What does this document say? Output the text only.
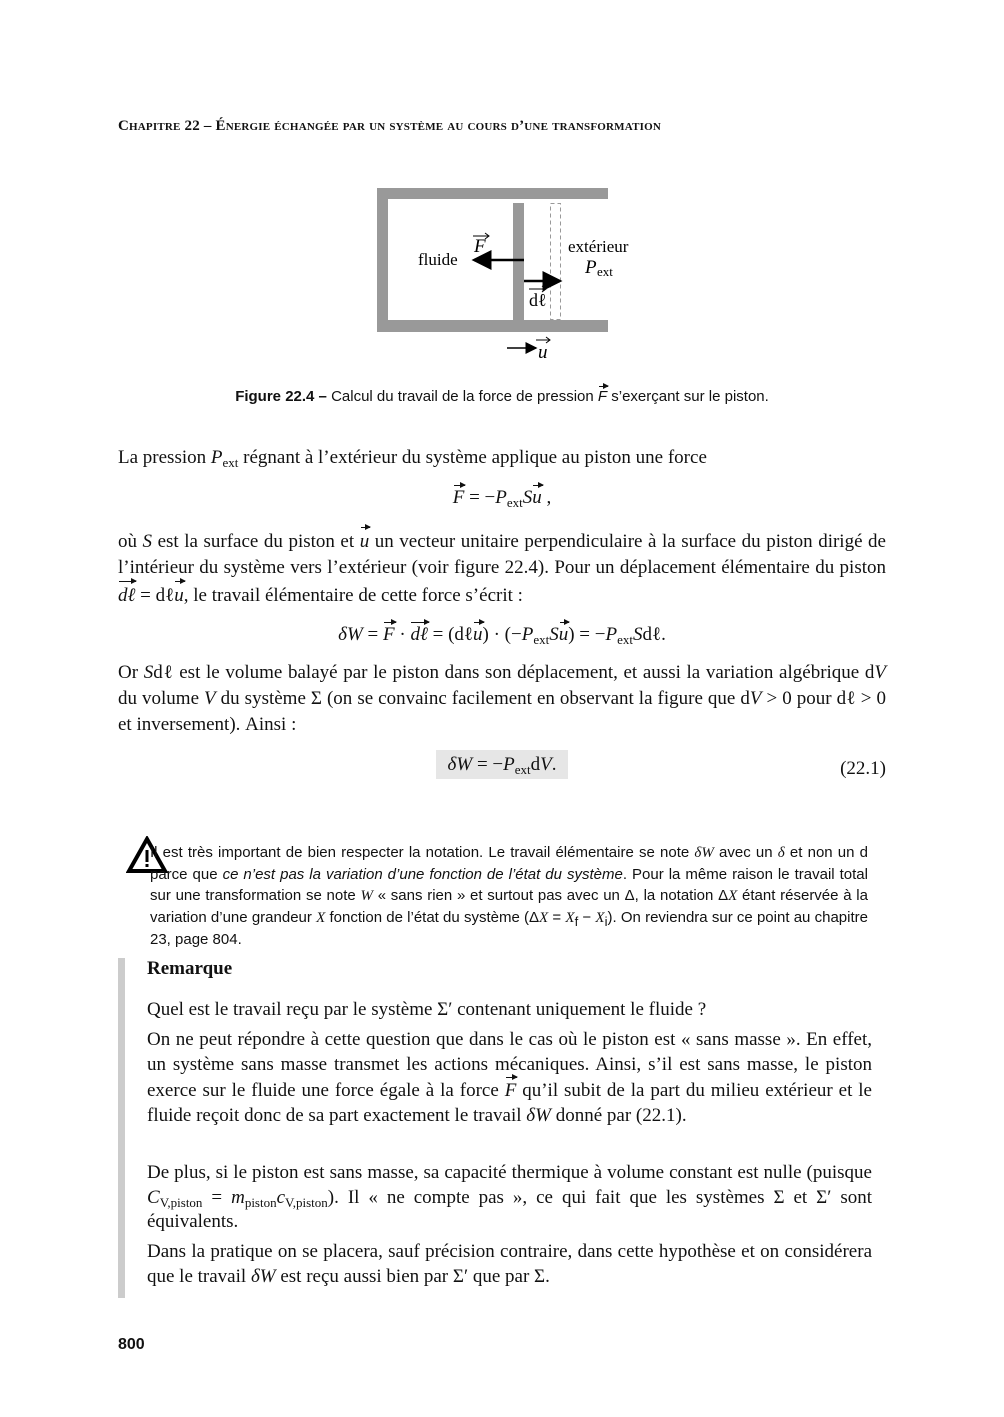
Chapitre 22 – Énergie échangée par un système au cours d’une transformation
fluide
F	extérieur
P ext
dℓ
u
Figure 22.4 – Calcul du travail de la force de pression F s’exerçant sur le piston.
La pression $P_{ext}$ régnant à l’extérieur du système applique au piston une force
$F = -P_{ext}Su$ ,
où S est la surface du piston et u un vecteur unitaire perpendiculaire à la surface du piston dirigé de l’intérieur du système vers l’extérieur (voir figure 22.4). Pour un déplacement élémentaire du piston dℓ = dℓu, le travail élémentaire de cette force s’écrit :
δW = F · dℓ = (dℓu) · $(-P_{ext}Su)$ = $-P_{ext}Sd\ell$.
Or Sdℓ est le volume balayé par le piston dans son déplacement, et aussi la variation algébrique dV du volume V du système Σ (on se convainc facilement en observant la figure que dV > 0 pour dℓ > 0 et inversement). Ainsi :
$\delta W = -P_{ext}dV$.	(22.1)
Il est très important de bien respecter la notation. Le travail élémentaire se note δW avec un δ et non un d parce que ce n’est pas la variation d’une fonction de l’état du système. Pour la même raison le travail total sur une transformation se note W « sans rien » et surtout pas avec un Δ, la notation ΔX étant réservée à la variation d’une grandeur X fonction de l’état du système $(\Delta X = X_f - X_i)$. On reviendra sur ce point au chapitre 23, page 804.
Remarque
Quel est le travail reçu par le système Σ′ contenant uniquement le fluide ?
On ne peut répondre à cette question que dans le cas où le piston est « sans masse ». En effet, un système sans masse transmet les actions mécaniques. Ainsi, s’il est sans masse, le piston exerce sur le fluide une force égale à la force F qu’il subit de la part du milieu extérieur et le fluide reçoit donc de sa part exactement le travail δW donné par (22.1).
De plus, si le piston est sans masse, sa capacité thermique à volume constant est nulle (puisque $C_{V,piston} = m_{piston}c_{V,piston}$). Il « ne compte pas », ce qui fait que les systèmes Σ et Σ′ sont équivalents.
Dans la pratique on se placera, sauf précision contraire, dans cette hypothèse et on considérera que le travail δW est reçu aussi bien par Σ′ que par Σ.
800
